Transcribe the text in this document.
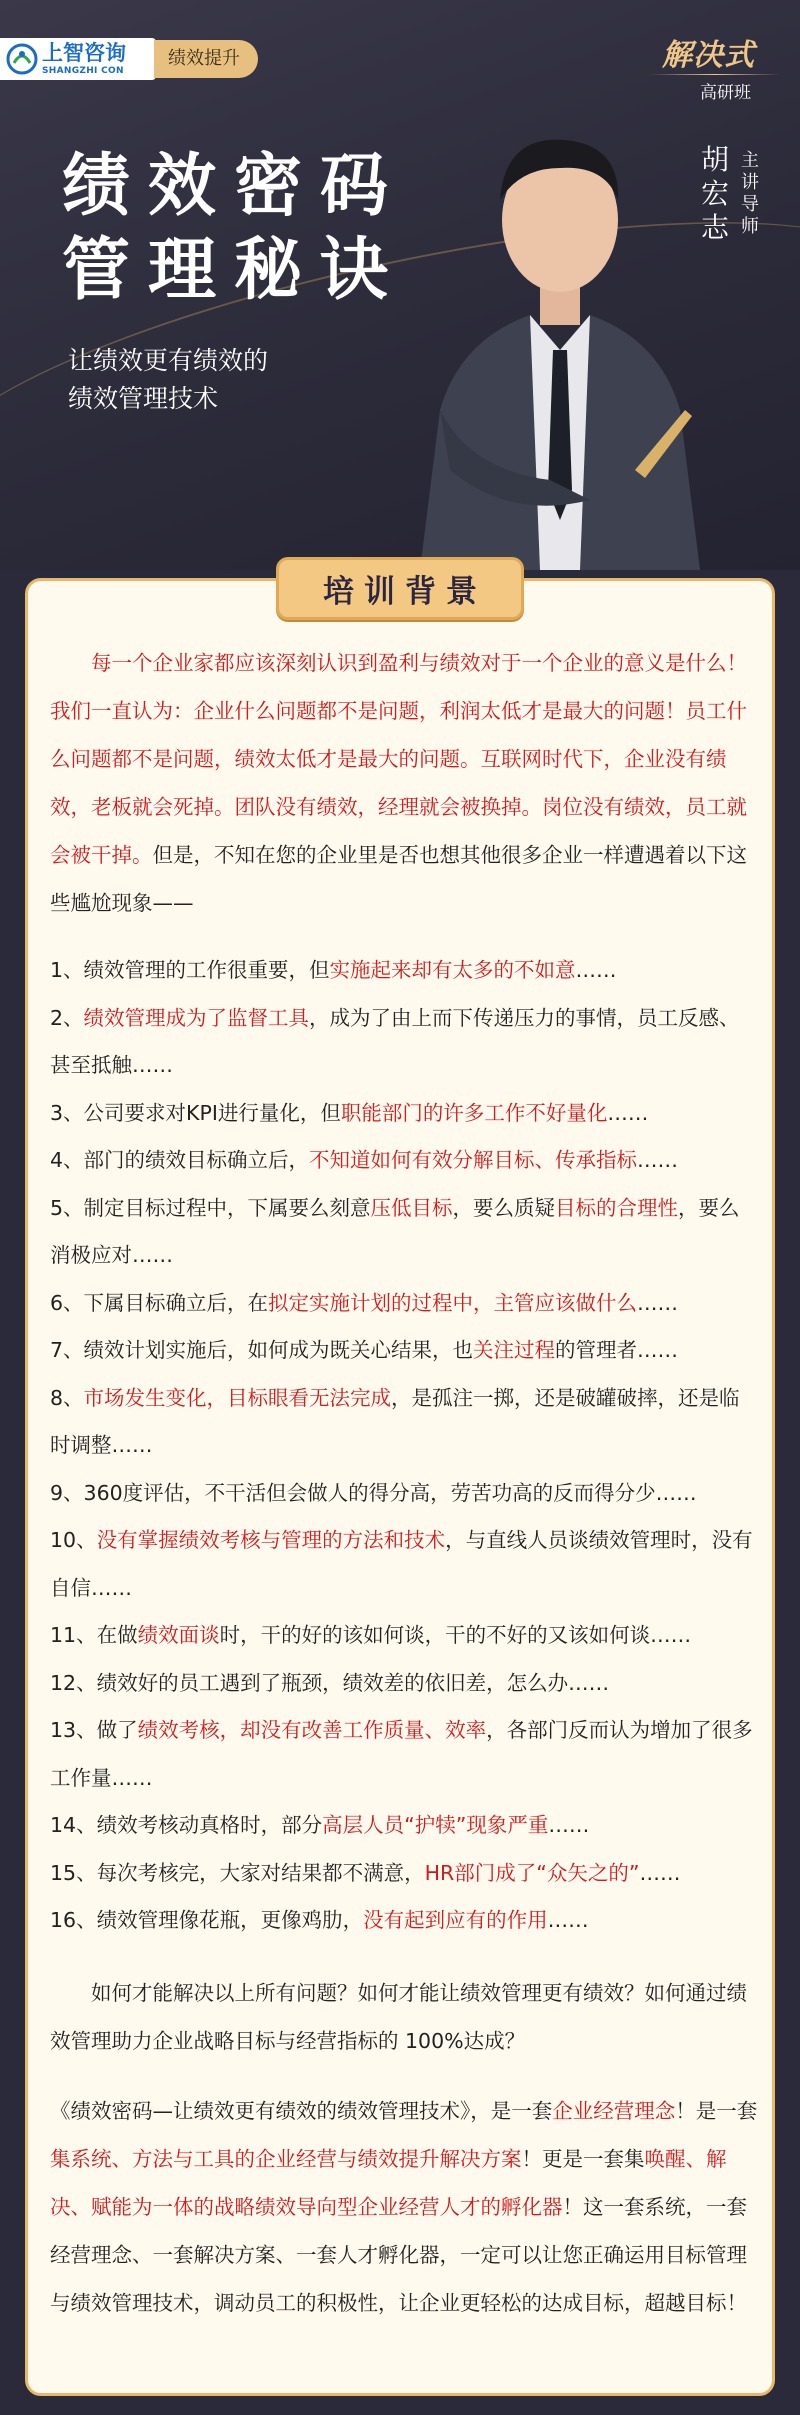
上智咨询
SHANGZHI CON
绩效提升	解决式
高研班
绩效密码
管理秘诀
让绩效更有绩效的
绩效管理技术
胡宏志
主讲导师
培训背景

每一个企业家都应该深刻认识到盈利与绩效对于一个企业的意义是什么！我们一直认为：企业什么问题都不是问题，利润太低才是最大的问题！员工什么问题都不是问题，绩效太低才是最大的问题。互联网时代下，企业没有绩效，老板就会死掉。团队没有绩效，经理就会被换掉。岗位没有绩效，员工就会被干掉。但是，不知在您的企业里是否也想其他很多企业一样遭遇着以下这些尴尬现象——

1、绩效管理的工作很重要，但实施起来却有太多的不如意……
2、绩效管理成为了监督工具，成为了由上而下传递压力的事情，员工反感、甚至抵触……
3、公司要求对KPI进行量化，但职能部门的许多工作不好量化……
4、部门的绩效目标确立后，不知道如何有效分解目标、传承指标……
5、制定目标过程中，下属要么刻意压低目标，要么质疑目标的合理性，要么消极应对……
6、下属目标确立后，在拟定实施计划的过程中，主管应该做什么……
7、绩效计划实施后，如何成为既关心结果，也关注过程的管理者……
8、市场发生变化，目标眼看无法完成，是孤注一掷，还是破罐破摔，还是临时调整……
9、360度评估，不干活但会做人的得分高，劳苦功高的反而得分少……
10、没有掌握绩效考核与管理的方法和技术，与直线人员谈绩效管理时，没有自信……
11、在做绩效面谈时，干的好的该如何谈，干的不好的又该如何谈……
12、绩效好的员工遇到了瓶颈，绩效差的依旧差，怎么办……
13、做了绩效考核，却没有改善工作质量、效率，各部门反而认为增加了很多工作量……
14、绩效考核动真格时，部分高层人员“护犊”现象严重……
15、每次考核完，大家对结果都不满意，HR部门成了“众矢之的”……
16、绩效管理像花瓶，更像鸡肋，没有起到应有的作用……

如何才能解决以上所有问题？如何才能让绩效管理更有绩效？如何通过绩效管理助力企业战略目标与经营指标的 100%达成？

《绩效密码—让绩效更有绩效的绩效管理技术》，是一套企业经营理念！是一套集系统、方法与工具的企业经营与绩效提升解决方案！更是一套集唤醒、解决、赋能为一体的战略绩效导向型企业经营人才的孵化器！这一套系统，一套经营理念、一套解决方案、一套人才孵化器，一定可以让您正确运用目标管理与绩效管理技术，调动员工的积极性，让企业更轻松的达成目标，超越目标！
